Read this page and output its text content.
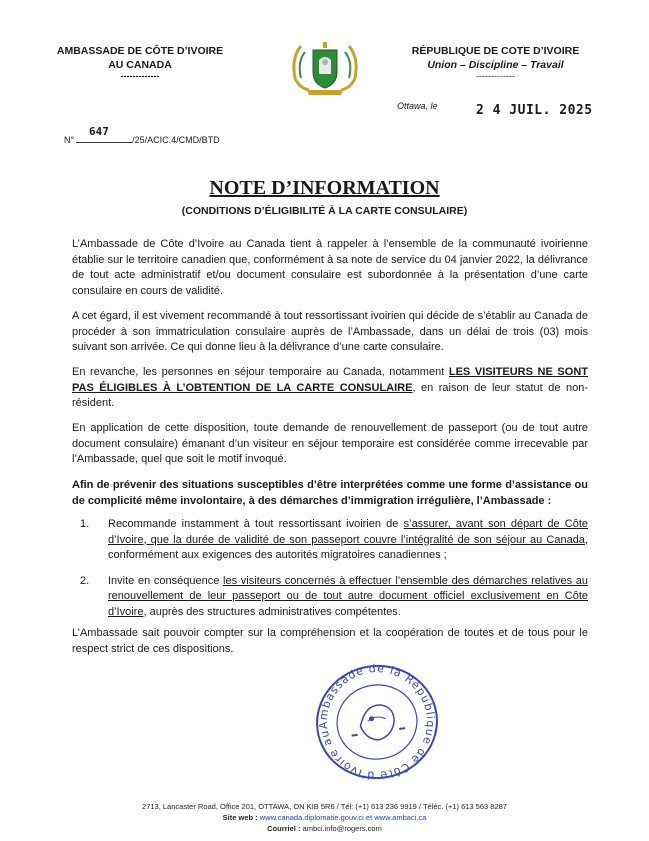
AMBASSADE DE CÔTE D’IVOIRE
AU CANADA
-------------
RÉPUBLIQUE DE COTE D’IVOIRE
Union – Discipline – Travail
-------------
Ottawa, le	2 4 JUIL. 2025
N°
647
/25/ACIC.4/CMD/BTD
NOTE D’INFORMATION
(CONDITIONS D’ÉLIGIBILITÉ À LA CARTE CONSULAIRE)
L’Ambassade de Côte d’Ivoire au Canada tient à rappeler à l’ensemble de la communauté ivoirienne établie sur le territoire canadien que, conformément à sa note de service du 04 janvier 2022, la délivrance de tout acte administratif et/ou document consulaire est subordonnée à la présentation d’une carte consulaire en cours de validité.
A cet égard, il est vivement recommandé à tout ressortissant ivoirien qui décide de s’établir au Canada de procéder à son immatriculation consulaire auprès de l’Ambassade, dans un délai de trois (03) mois suivant son arrivée. Ce qui donne lieu à la délivrance d’une carte consulaire.
En revanche, les personnes en séjour temporaire au Canada, notamment LES VISITEURS NE SONT PAS ÉLIGIBLES À L’OBTENTION DE LA CARTE CONSULAIRE, en raison de leur statut de non-résident.
En application de cette disposition, toute demande de renouvellement de passeport (ou de tout autre document consulaire) émanant d’un visiteur en séjour temporaire est considérée comme irrecevable par l’Ambassade, quel que soit le motif invoqué.
Afin de prévenir des situations susceptibles d’être interprétées comme une forme d’assistance ou de complicité même involontaire, à des démarches d’immigration irrégulière, l’Ambassade :
1. Recommande instamment à tout ressortissant ivoirien de s’assurer, avant son départ de Côte d’Ivoire, que la durée de validité de son passeport couvre l’intégralité de son séjour au Canada, conformément aux exigences des autorités migratoires canadiennes ;
2. Invite en conséquence les visiteurs concernés à effectuer l’ensemble des démarches relatives au renouvellement de leur passeport ou de tout autre document officiel exclusivement en Côte d’Ivoire, auprès des structures administratives compétentes.
L’Ambassade sait pouvoir compter sur la compréhension et la coopération de toutes et de tous pour le respect strict de ces dispositions.
Ambassade de la République de Côte d'Ivoire au
2713, Lancaster Road, Office 201, OTTAWA, ON KIB 5R6 / Tél: (+1) 613 236 9919 / Téléc. (+1) 613 563 8287
Site web : www.canada.diplomatie.gouv.ci et www.ambaci.ca
Courriel : ambci.info@rogers.com
